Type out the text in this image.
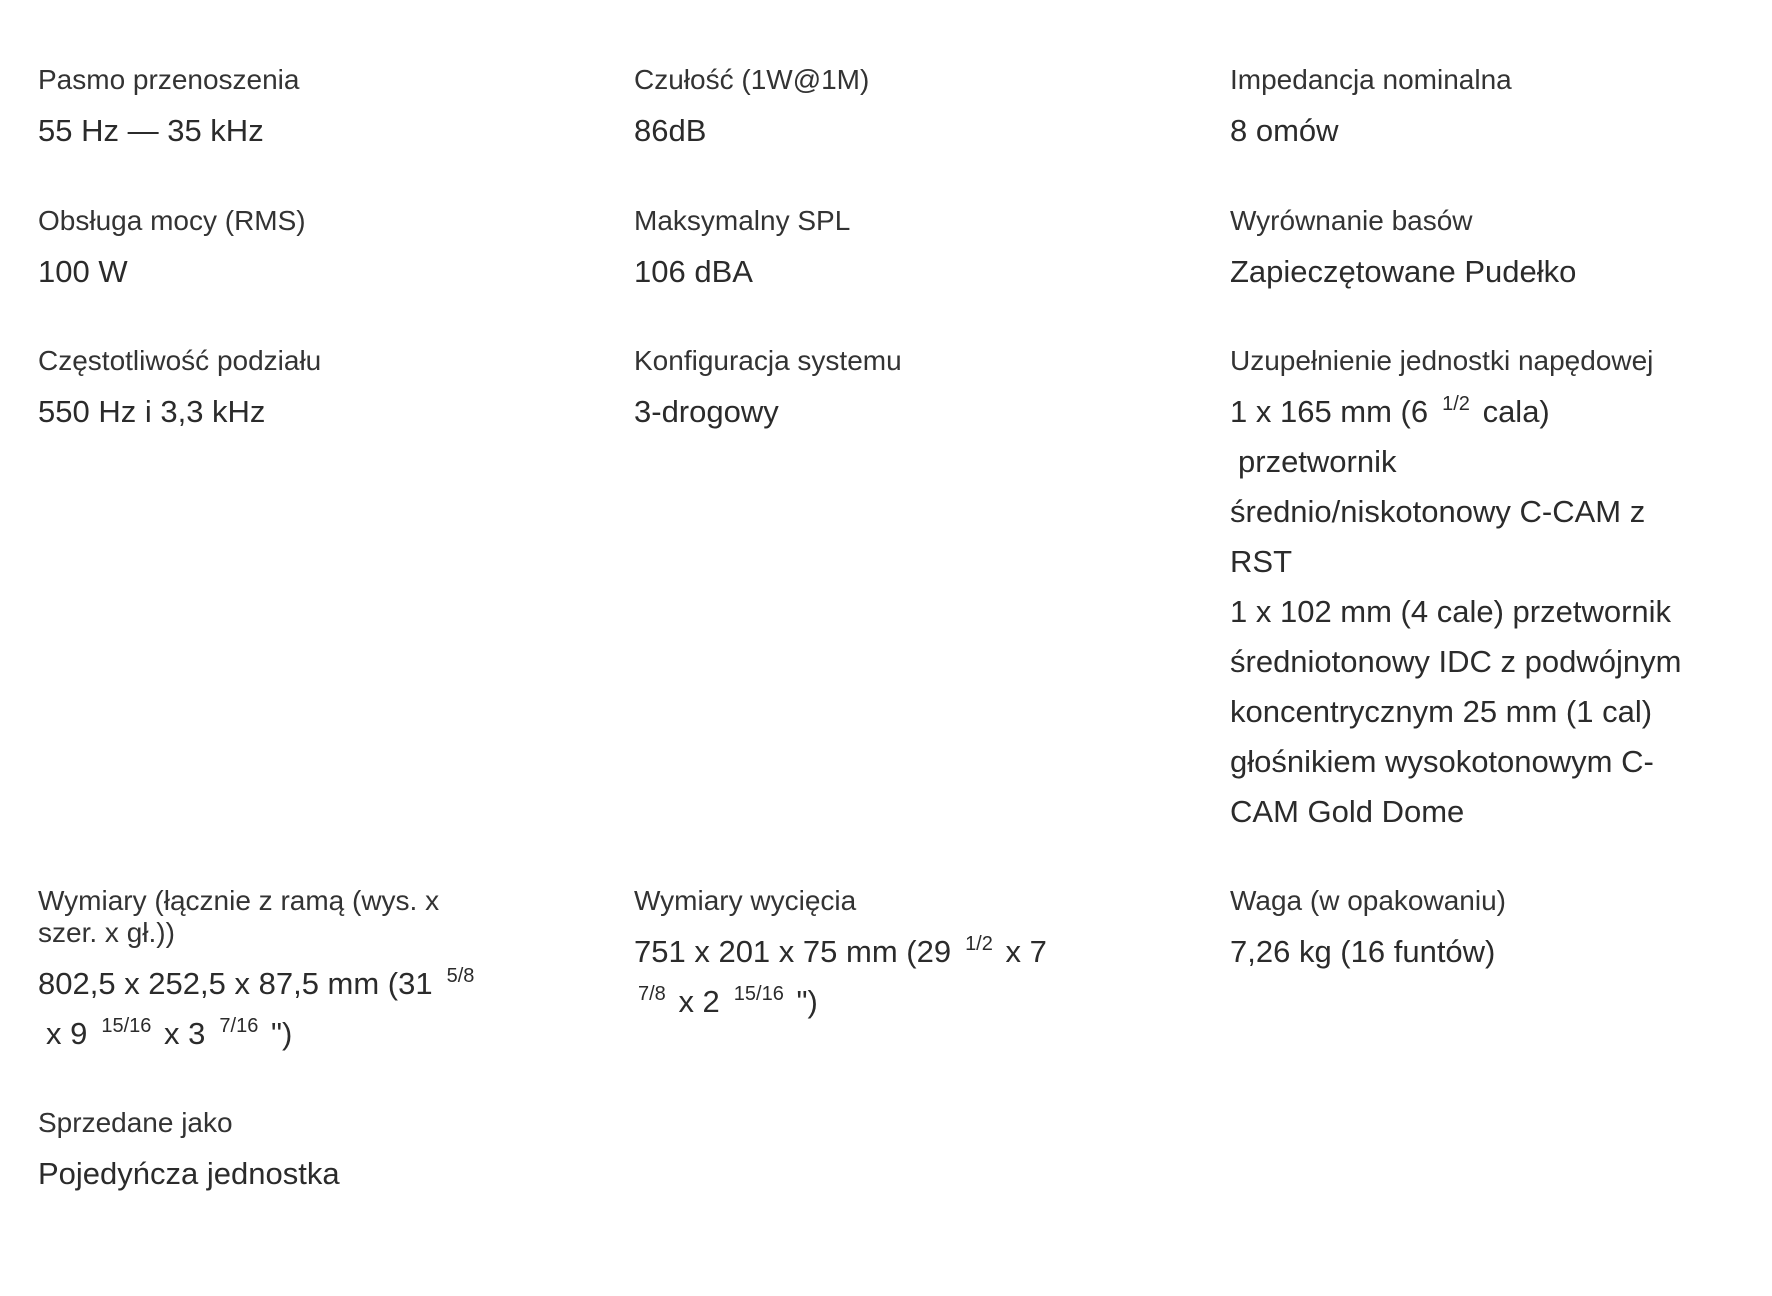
Pasmo przenoszenia

55 Hz — 35 kHz

Czułość (1W@1M)

86dB

Impedancja nominalna

8 omów

Obsługa mocy (RMS)

100 W

Maksymalny SPL

106 dBA

Wyrównanie basów

Zapieczętowane Pudełko

Częstotliwość podziału

550 Hz i 3,3 kHz

Konfiguracja systemu

3-drogowy

Uzupełnienie jednostki napędowej

1 x 165 mm (6 $^{1/2}$ cala)
przetwornik
średnio/niskotonowy C-CAM z
RST
1 x 102 mm (4 cale) przetwornik
średniotonowy IDC z podwójnym
koncentrycznym 25 mm (1 cal)
głośnikiem wysokotonowym C-
CAM Gold Dome

Wymiary (łącznie z ramą (wys. x
szer. x gł.))

802,5 x 252,5 x 87,5 mm (31 $^{5/8}$
x 9 $^{15/16}$ x 3 $^{7/16}$ ")

Wymiary wycięcia

751 x 201 x 75 mm (29 $^{1/2}$ x 7
$^{7/8}$ x 2 $^{15/16}$ ")

Waga (w opakowaniu)

7,26 kg (16 funtów)

Sprzedane jako

Pojedyńcza jednostka
